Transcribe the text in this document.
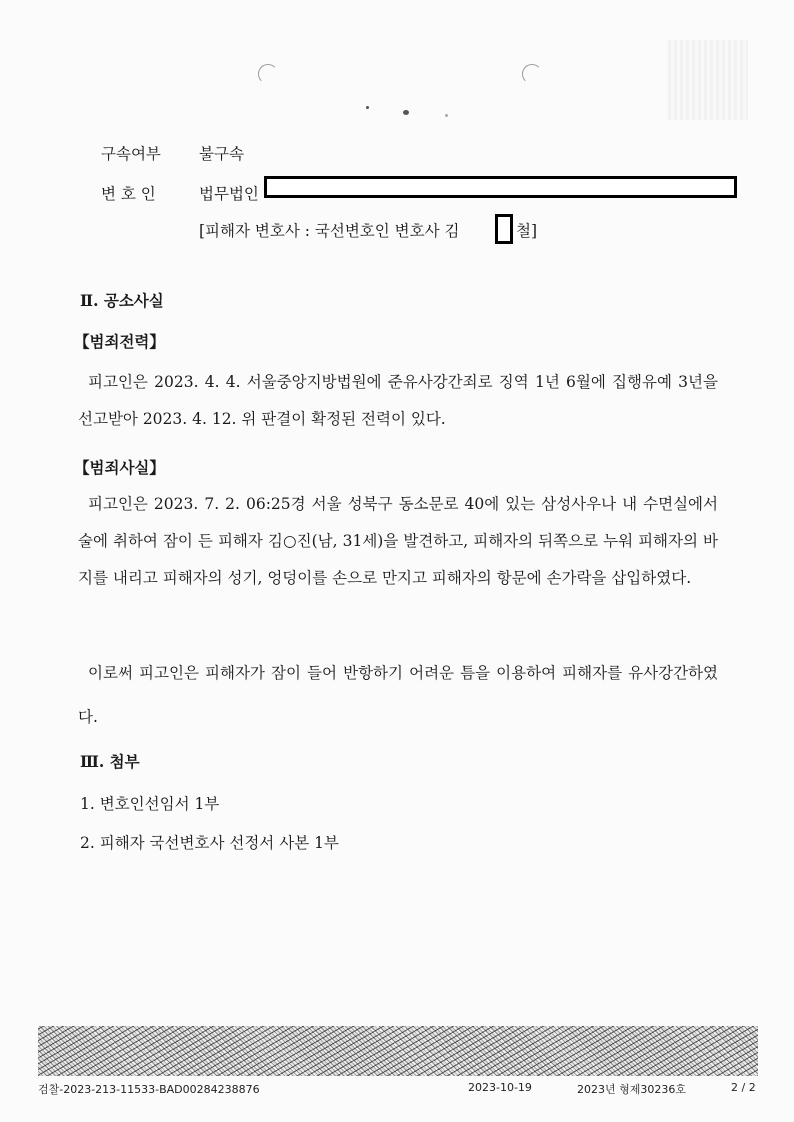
구속여부 불구속
변 호 인	법무법인
[피해자 변호사 : 국선변호인 변호사 김	철]
Ⅱ. 공소사실
【범죄전력】
피고인은 2023. 4. 4. 서울중앙지방법원에 준유사강간죄로 징역 1년 6월에 집행유예 3년을 선고받아 2023. 4. 12. 위 판결이 확정된 전력이 있다.
【범죄사실】
피고인은 2023. 7. 2. 06:25경 서울 성북구 동소문로 40에 있는 삼성사우나 내 수면실에서 술에 취하여 잠이 든 피해자 김○진(남, 31세)을 발견하고, 피해자의 뒤쪽으로 누워 피해자의 바지를 내리고 피해자의 성기, 엉덩이를 손으로 만지고 피해자의 항문에 손가락을 삽입하였다.
이로써 피고인은 피해자가 잠이 들어 반항하기 어려운 틈을 이용하여 피해자를 유사강간하였다.
Ⅲ. 첨부
1. 변호인선임서 1부
2. 피해자 국선변호사 선정서 사본 1부
검찰-2023-213-11533-BAD00284238876	2023-10-19	2023년 형제30236호	2 / 2
